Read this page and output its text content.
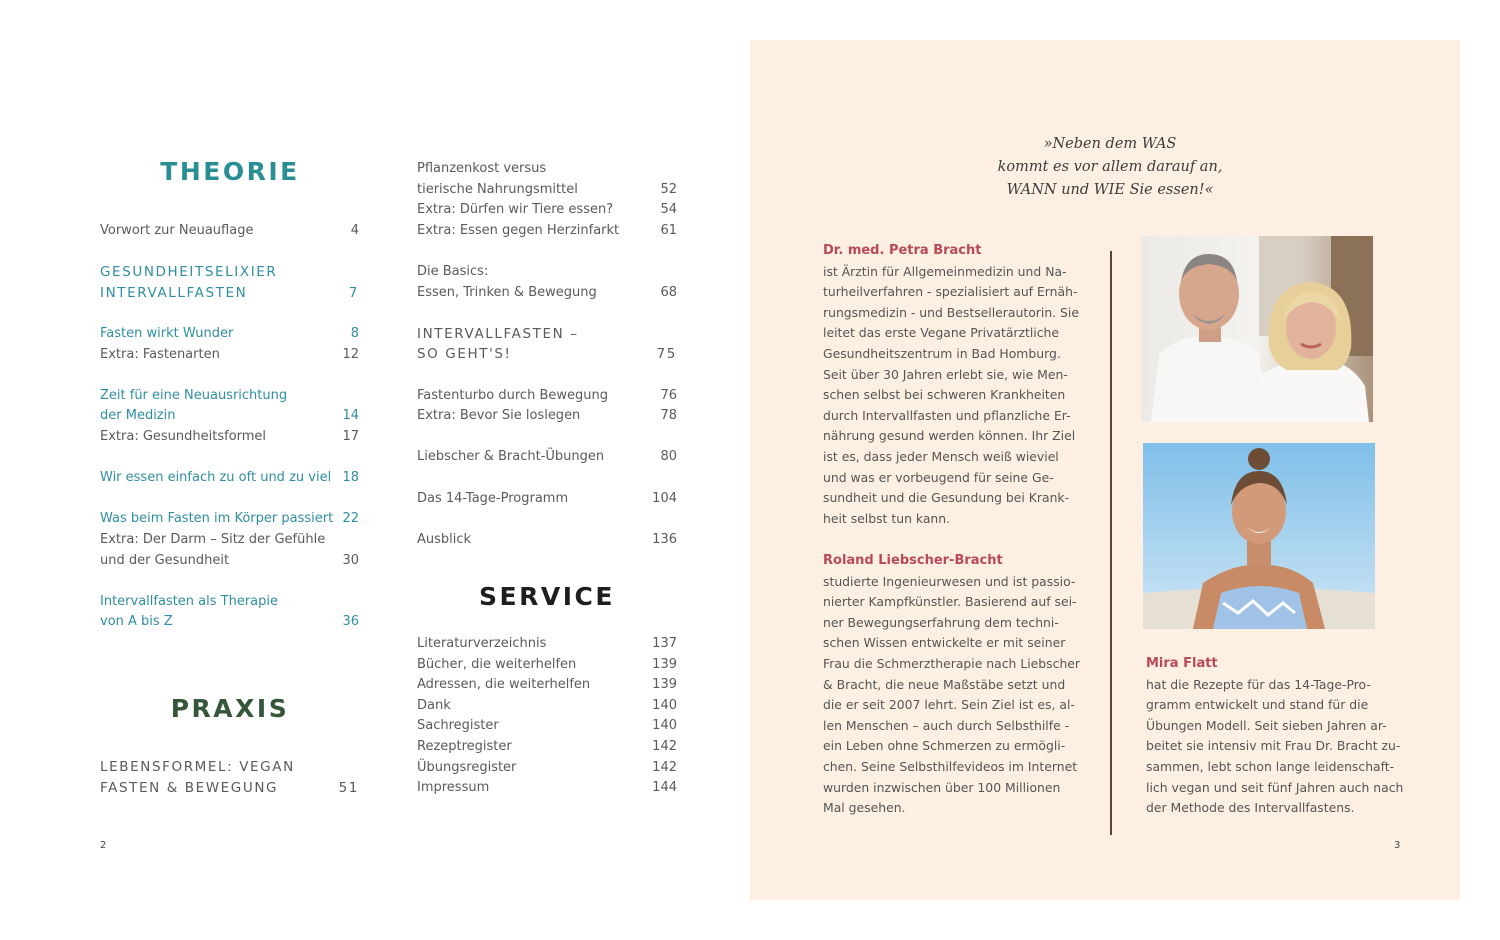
THEORIE
Vorwort zur Neuauflage	4
GESUNDHEITSELIXIER
INTERVALLFASTEN	7
Fasten wirkt Wunder	8
Extra: Fastenarten	12
Zeit für eine Neuausrichtung
der Medizin	14
Extra: Gesundheitsformel	17
Wir essen einfach zu oft und zu viel 18
Was beim Fasten im Körper passiert 22
Extra: Der Darm – Sitz der Gefühle
und der Gesundheit	30
Intervallfasten als Therapie
von A bis Z	36
PRAXIS
LEBENSFORMEL: VEGAN
FASTEN & BEWEGUNG	51
Pflanzenkost versus
tierische Nahrungsmittel	52
Extra: Dürfen wir Tiere essen?	54
Extra: Essen gegen Herzinfarkt	61
Die Basics:
Essen, Trinken & Bewegung	68
INTERVALLFASTEN –
SO GEHT'S!	75
Fastenturbo durch Bewegung	76
Extra: Bevor Sie loslegen	78
Liebscher & Bracht-Übungen	80
Das 14-Tage-Programm	104
Ausblick	136
SERVICE
Literaturverzeichnis	137
Bücher, die weiterhelfen	139
Adressen, die weiterhelfen	139
Dank	140
Sachregister	140
Rezeptregister	142
Übungsregister	142
Impressum	144
2
»Neben dem WAS
kommt es vor allem darauf an,
WANN und WIE Sie essen!«
Dr. med. Petra Bracht
ist Ärztin für Allgemeinmedizin und Na-
turheilverfahren - spezialisiert auf Ernäh-
rungsmedizin - und Bestsellerautorin. Sie
leitet das erste Vegane Privatärztliche
Gesundheitszentrum in Bad Homburg.
Seit über 30 Jahren erlebt sie, wie Men-
schen selbst bei schweren Krankheiten
durch Intervallfasten und pflanzliche Er-
nährung gesund werden können. Ihr Ziel
ist es, dass jeder Mensch weiß wieviel
und was er vorbeugend für seine Ge-
sundheit und die Gesundung bei Krank-
heit selbst tun kann.
Roland Liebscher-Bracht
studierte Ingenieurwesen und ist passio-
nierter Kampfkünstler. Basierend auf sei-
ner Bewegungserfahrung dem techni-
schen Wissen entwickelte er mit seiner
Frau die Schmerztherapie nach Liebscher
& Bracht, die neue Maßstäbe setzt und
die er seit 2007 lehrt. Sein Ziel ist es, al-
len Menschen – auch durch Selbsthilfe -
ein Leben ohne Schmerzen zu ermögli-
chen. Seine Selbsthilfevideos im Internet
wurden inzwischen über 100 Millionen
Mal gesehen.
Mira Flatt
hat die Rezepte für das 14-Tage-Pro-
gramm entwickelt und stand für die
Übungen Modell. Seit sieben Jahren ar-
beitet sie intensiv mit Frau Dr. Bracht zu-
sammen, lebt schon lange leidenschaft-
lich vegan und seit fünf Jahren auch nach
der Methode des Intervallfastens.
3
